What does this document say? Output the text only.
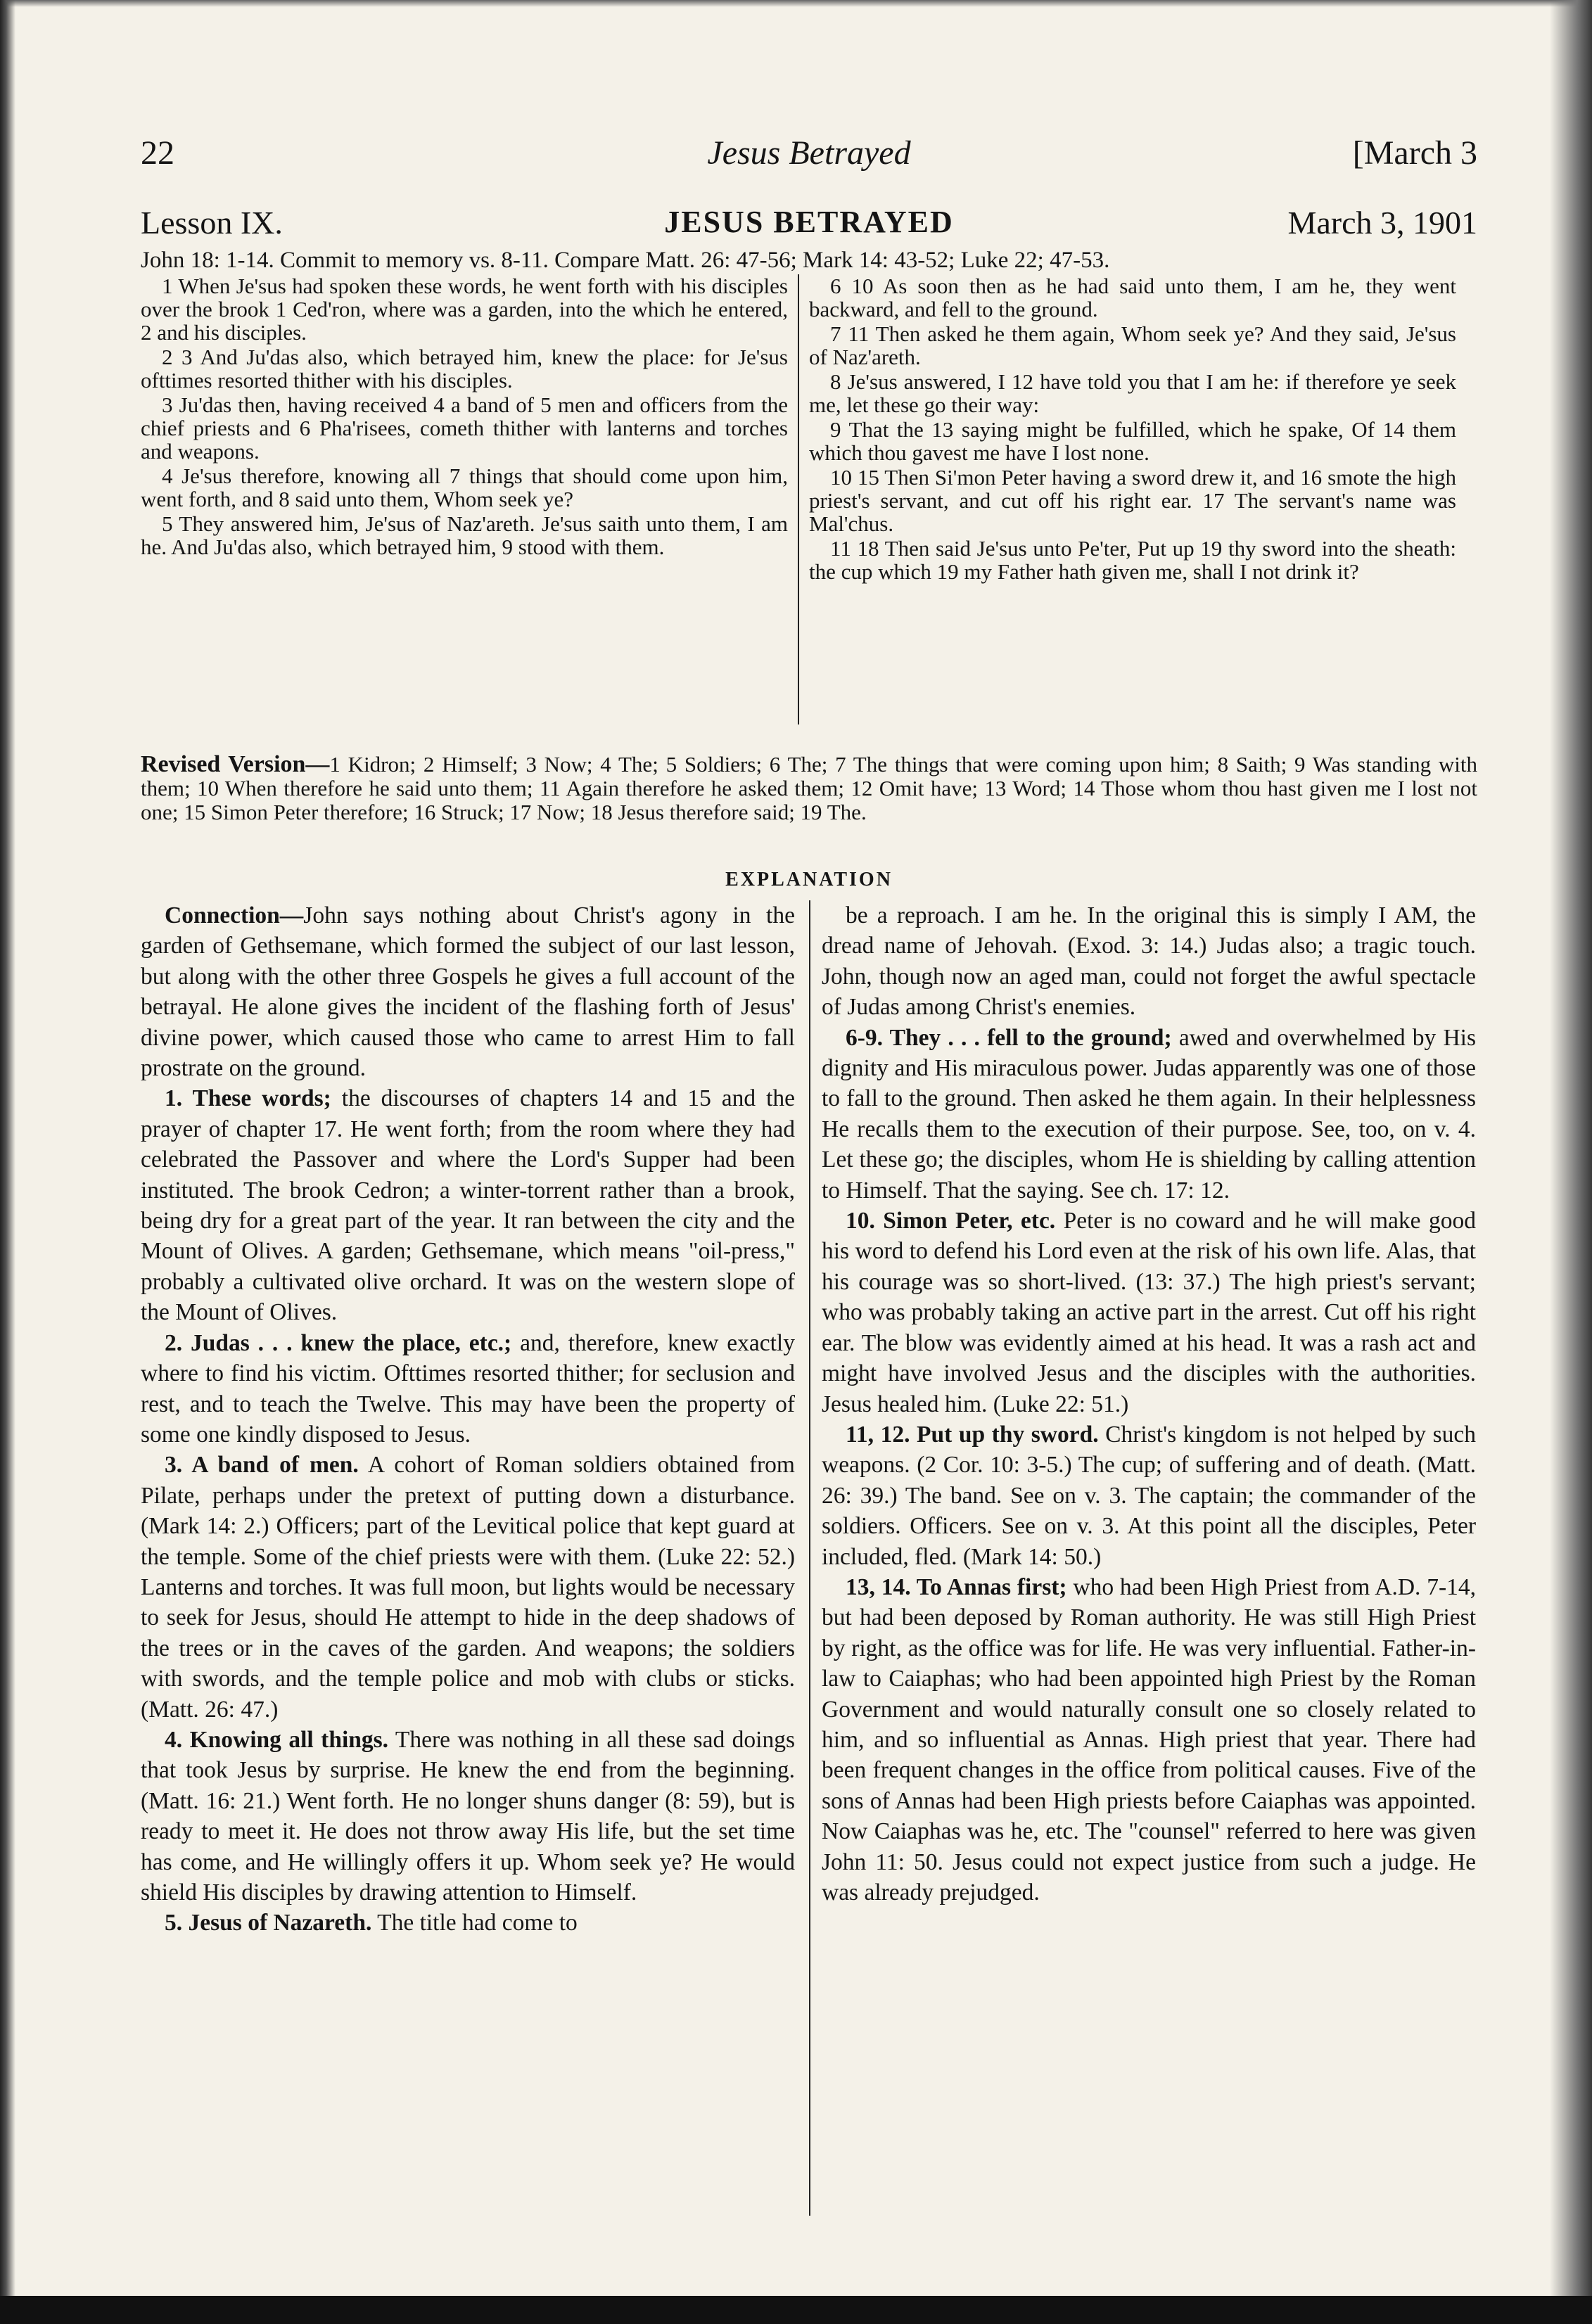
Jesus Betrayed
22	[March 3
JESUS BETRAYED
Lesson IX.	March 3, 1901
John 18: 1-14. Commit to memory vs. 8-11. Compare Matt. 26: 47-56; Mark 14: 43-52; Luke 22; 47-53.

1 When Je'sus had spoken these words, he went forth with his disciples over the brook 1 Ced'ron, where was a garden, into the which he entered, 2 and his disciples.

2 3 And Ju'das also, which betrayed him, knew the place: for Je'sus ofttimes resorted thither with his disciples.

3 Ju'das then, having received 4 a band of 5 men and officers from the chief priests and 6 Pha'risees, cometh thither with lanterns and torches and weapons.

4 Je'sus therefore, knowing all 7 things that should come upon him, went forth, and 8 said unto them, Whom seek ye?

5 They answered him, Je'sus of Naz'areth. Je'sus saith unto them, I am he. And Ju'das also, which betrayed him, 9 stood with them.

6 10 As soon then as he had said unto them, I am he, they went backward, and fell to the ground.

7 11 Then asked he them again, Whom seek ye? And they said, Je'sus of Naz'areth.

8 Je'sus answered, I 12 have told you that I am he: if therefore ye seek me, let these go their way:

9 That the 13 saying might be fulfilled, which he spake, Of 14 them which thou gavest me have I lost none.

10 15 Then Si'mon Peter having a sword drew it, and 16 smote the high priest's servant, and cut off his right ear. 17 The servant's name was Mal'chus.

11 18 Then said Je'sus unto Pe'ter, Put up 19 thy sword into the sheath: the cup which 19 my Father hath given me, shall I not drink it?

Revised Version—1 Kidron; 2 Himself; 3 Now; 4 The; 5 Soldiers; 6 The; 7 The things that were coming upon him; 8 Saith; 9 Was standing with them; 10 When therefore he said unto them; 11 Again therefore he asked them; 12 Omit have; 13 Word; 14 Those whom thou hast given me I lost not one; 15 Simon Peter therefore; 16 Struck; 17 Now; 18 Jesus therefore said; 19 The.
EXPLANATION

Connection—John says nothing about Christ's agony in the garden of Gethsemane, which formed the subject of our last lesson, but along with the other three Gospels he gives a full account of the betrayal. He alone gives the incident of the flashing forth of Jesus' divine power, which caused those who came to arrest Him to fall prostrate on the ground.

1. These words; the discourses of chapters 14 and 15 and the prayer of chapter 17. He went forth; from the room where they had celebrated the Passover and where the Lord's Supper had been instituted. The brook Cedron; a winter-torrent rather than a brook, being dry for a great part of the year. It ran between the city and the Mount of Olives. A garden; Gethsemane, which means "oil-press," probably a cultivated olive orchard. It was on the western slope of the Mount of Olives.

2. Judas . . . knew the place, etc.; and, therefore, knew exactly where to find his victim. Ofttimes resorted thither; for seclusion and rest, and to teach the Twelve. This may have been the property of some one kindly disposed to Jesus.

3. A band of men. A cohort of Roman soldiers obtained from Pilate, perhaps under the pretext of putting down a disturbance. (Mark 14: 2.) Officers; part of the Levitical police that kept guard at the temple. Some of the chief priests were with them. (Luke 22: 52.) Lanterns and torches. It was full moon, but lights would be necessary to seek for Jesus, should He attempt to hide in the deep shadows of the trees or in the caves of the garden. And weapons; the soldiers with swords, and the temple police and mob with clubs or sticks. (Matt. 26: 47.)

4. Knowing all things. There was nothing in all these sad doings that took Jesus by surprise. He knew the end from the beginning. (Matt. 16: 21.) Went forth. He no longer shuns danger (8: 59), but is ready to meet it. He does not throw away His life, but the set time has come, and He willingly offers it up. Whom seek ye? He would shield His disciples by drawing attention to Himself.

5. Jesus of Nazareth. The title had come to

be a reproach. I am he. In the original this is simply I AM, the dread name of Jehovah. (Exod. 3: 14.) Judas also; a tragic touch. John, though now an aged man, could not forget the awful spectacle of Judas among Christ's enemies.

6-9. They . . . fell to the ground; awed and overwhelmed by His dignity and His miraculous power. Judas apparently was one of those to fall to the ground. Then asked he them again. In their helplessness He recalls them to the execution of their purpose. See, too, on v. 4. Let these go; the disciples, whom He is shielding by calling attention to Himself. That the saying. See ch. 17: 12.

10. Simon Peter, etc. Peter is no coward and he will make good his word to defend his Lord even at the risk of his own life. Alas, that his courage was so short-lived. (13: 37.) The high priest's servant; who was probably taking an active part in the arrest. Cut off his right ear. The blow was evidently aimed at his head. It was a rash act and might have involved Jesus and the disciples with the authorities. Jesus healed him. (Luke 22: 51.)

11, 12. Put up thy sword. Christ's kingdom is not helped by such weapons. (2 Cor. 10: 3-5.) The cup; of suffering and of death. (Matt. 26: 39.) The band. See on v. 3. The captain; the commander of the soldiers. Officers. See on v. 3. At this point all the disciples, Peter included, fled. (Mark 14: 50.)

13, 14. To Annas first; who had been High Priest from A.D. 7-14, but had been deposed by Roman authority. He was still High Priest by right, as the office was for life. He was very influential. Father-in-law to Caiaphas; who had been appointed high Priest by the Roman Government and would naturally consult one so closely related to him, and so influential as Annas. High priest that year. There had been frequent changes in the office from political causes. Five of the sons of Annas had been High priests before Caiaphas was appointed. Now Caiaphas was he, etc. The "counsel" referred to here was given John 11: 50. Jesus could not expect justice from such a judge. He was already prejudged.
